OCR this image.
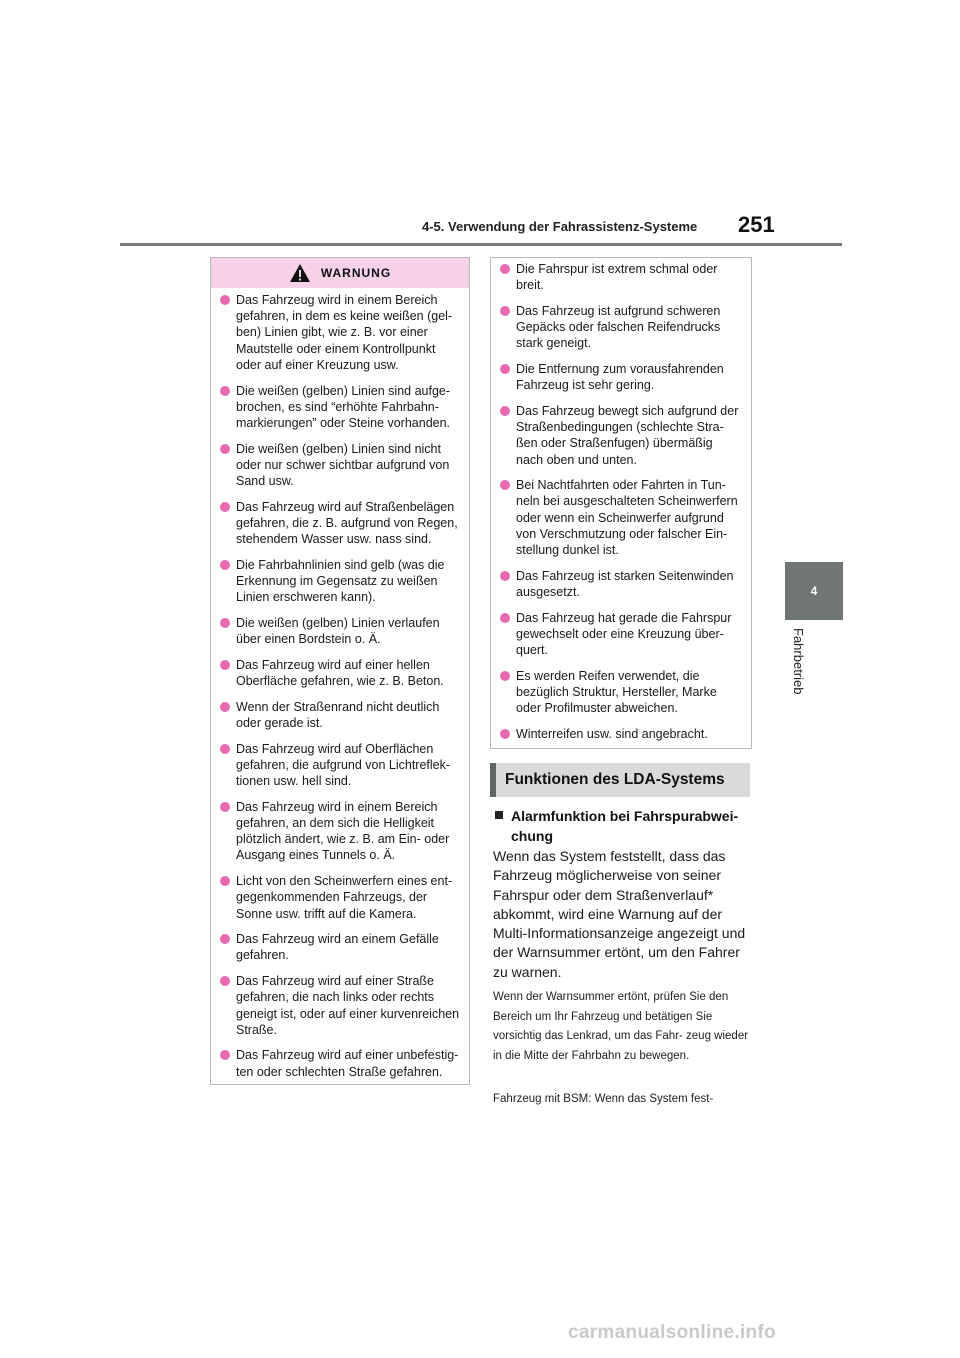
4-5. Verwendung der Fahrassistenz-Systeme 251
4
Fahrbetrieb
WARNUNG
Das Fahrzeug wird in einem Bereich gefahren, in dem es keine weißen (gel- ben) Linien gibt, wie z. B. vor einer Mautstelle oder einem Kontrollpunkt oder auf einer Kreuzung usw.
Die weißen (gelben) Linien sind aufge- brochen, es sind “erhöhte Fahrbahn- markierungen” oder Steine vorhanden.
Die weißen (gelben) Linien sind nicht oder nur schwer sichtbar aufgrund von Sand usw.
Das Fahrzeug wird auf Straßenbelägen gefahren, die z. B. aufgrund von Regen, stehendem Wasser usw. nass sind.
Die Fahrbahnlinien sind gelb (was die Erkennung im Gegensatz zu weißen Linien erschweren kann).
Die weißen (gelben) Linien verlaufen über einen Bordstein o. Ä.
Das Fahrzeug wird auf einer hellen Oberfläche gefahren, wie z. B. Beton.
Wenn der Straßenrand nicht deutlich oder gerade ist.
Das Fahrzeug wird auf Oberflächen gefahren, die aufgrund von Lichtreflek- tionen usw. hell sind.
Das Fahrzeug wird in einem Bereich gefahren, an dem sich die Helligkeit plötzlich ändert, wie z. B. am Ein- oder Ausgang eines Tunnels o. Ä.
Licht von den Scheinwerfern eines ent- gegenkommenden Fahrzeugs, der Sonne usw. trifft auf die Kamera.
Das Fahrzeug wird an einem Gefälle gefahren.
Das Fahrzeug wird auf einer Straße gefahren, die nach links oder rechts geneigt ist, oder auf einer kurvenreichen Straße.
Das Fahrzeug wird auf einer unbefestig- ten oder schlechten Straße gefahren.
Die Fahrspur ist extrem schmal oder breit.
Das Fahrzeug ist aufgrund schweren Gepäcks oder falschen Reifendrucks stark geneigt.
Die Entfernung zum vorausfahrenden Fahrzeug ist sehr gering.
Das Fahrzeug bewegt sich aufgrund der Straßenbedingungen (schlechte Stra- ßen oder Straßenfugen) übermäßig nach oben und unten.
Bei Nachtfahrten oder Fahrten in Tun- neln bei ausgeschalteten Scheinwerfern oder wenn ein Scheinwerfer aufgrund von Verschmutzung oder falscher Ein- stellung dunkel ist.
Das Fahrzeug ist starken Seitenwinden ausgesetzt.
Das Fahrzeug hat gerade die Fahrspur gewechselt oder eine Kreuzung über- quert.
Es werden Reifen verwendet, die bezüglich Struktur, Hersteller, Marke oder Profilmuster abweichen.
Winterreifen usw. sind angebracht.
Funktionen des LDA-Systems
Alarmfunktion bei Fahrspurabwei-
chung
Wenn das System feststellt, dass das Fahrzeug möglicherweise von seiner Fahrspur oder dem Straßenverlauf* abkommt, wird eine Warnung auf der Multi-Informationsanzeige angezeigt und der Warnsummer ertönt, um den Fahrer zu warnen.
Wenn der Warnsummer ertönt, prüfen Sie den Bereich um Ihr Fahrzeug und betätigen Sie vorsichtig das Lenkrad, um das Fahr- zeug wieder in die Mitte der Fahrbahn zu bewegen.
Fahrzeug mit BSM: Wenn das System fest-
carmanualsonline.info
